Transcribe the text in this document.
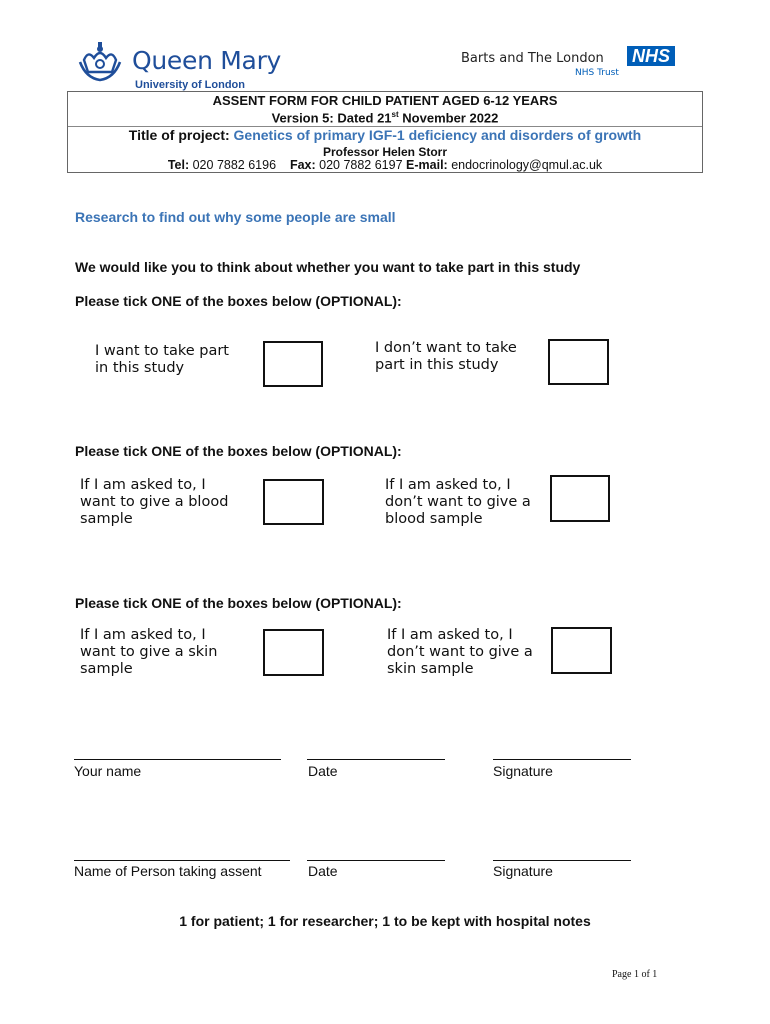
Queen Mary
University of London
Barts and The London NHS
NHS Trust
ASSENT FORM FOR CHILD PATIENT AGED 6-12 YEARS
Version 5: Dated 21st November 2022
Title of project: Genetics of primary IGF-1 deficiency and disorders of growth
Professor Helen Storr
Tel: 020 7882 6196 Fax: 020 7882 6197 E-mail: endocrinology@qmul.ac.uk
Research to find out why some people are small
We would like you to think about whether you want to take part in this study
Please tick ONE of the boxes below (OPTIONAL):
I want to take part
in this study
I don’t want to take
part in this study
Please tick ONE of the boxes below (OPTIONAL):
If I am asked to, I
want to give a blood
sample
If I am asked to, I
don’t want to give a
blood sample
Please tick ONE of the boxes below (OPTIONAL):
If I am asked to, I
want to give a skin
sample
If I am asked to, I
don’t want to give a
skin sample
Your name	Date	Signature
Name of Person taking assent	Date	Signature
1 for patient; 1 for researcher; 1 to be kept with hospital notes
Page 1 of 1
